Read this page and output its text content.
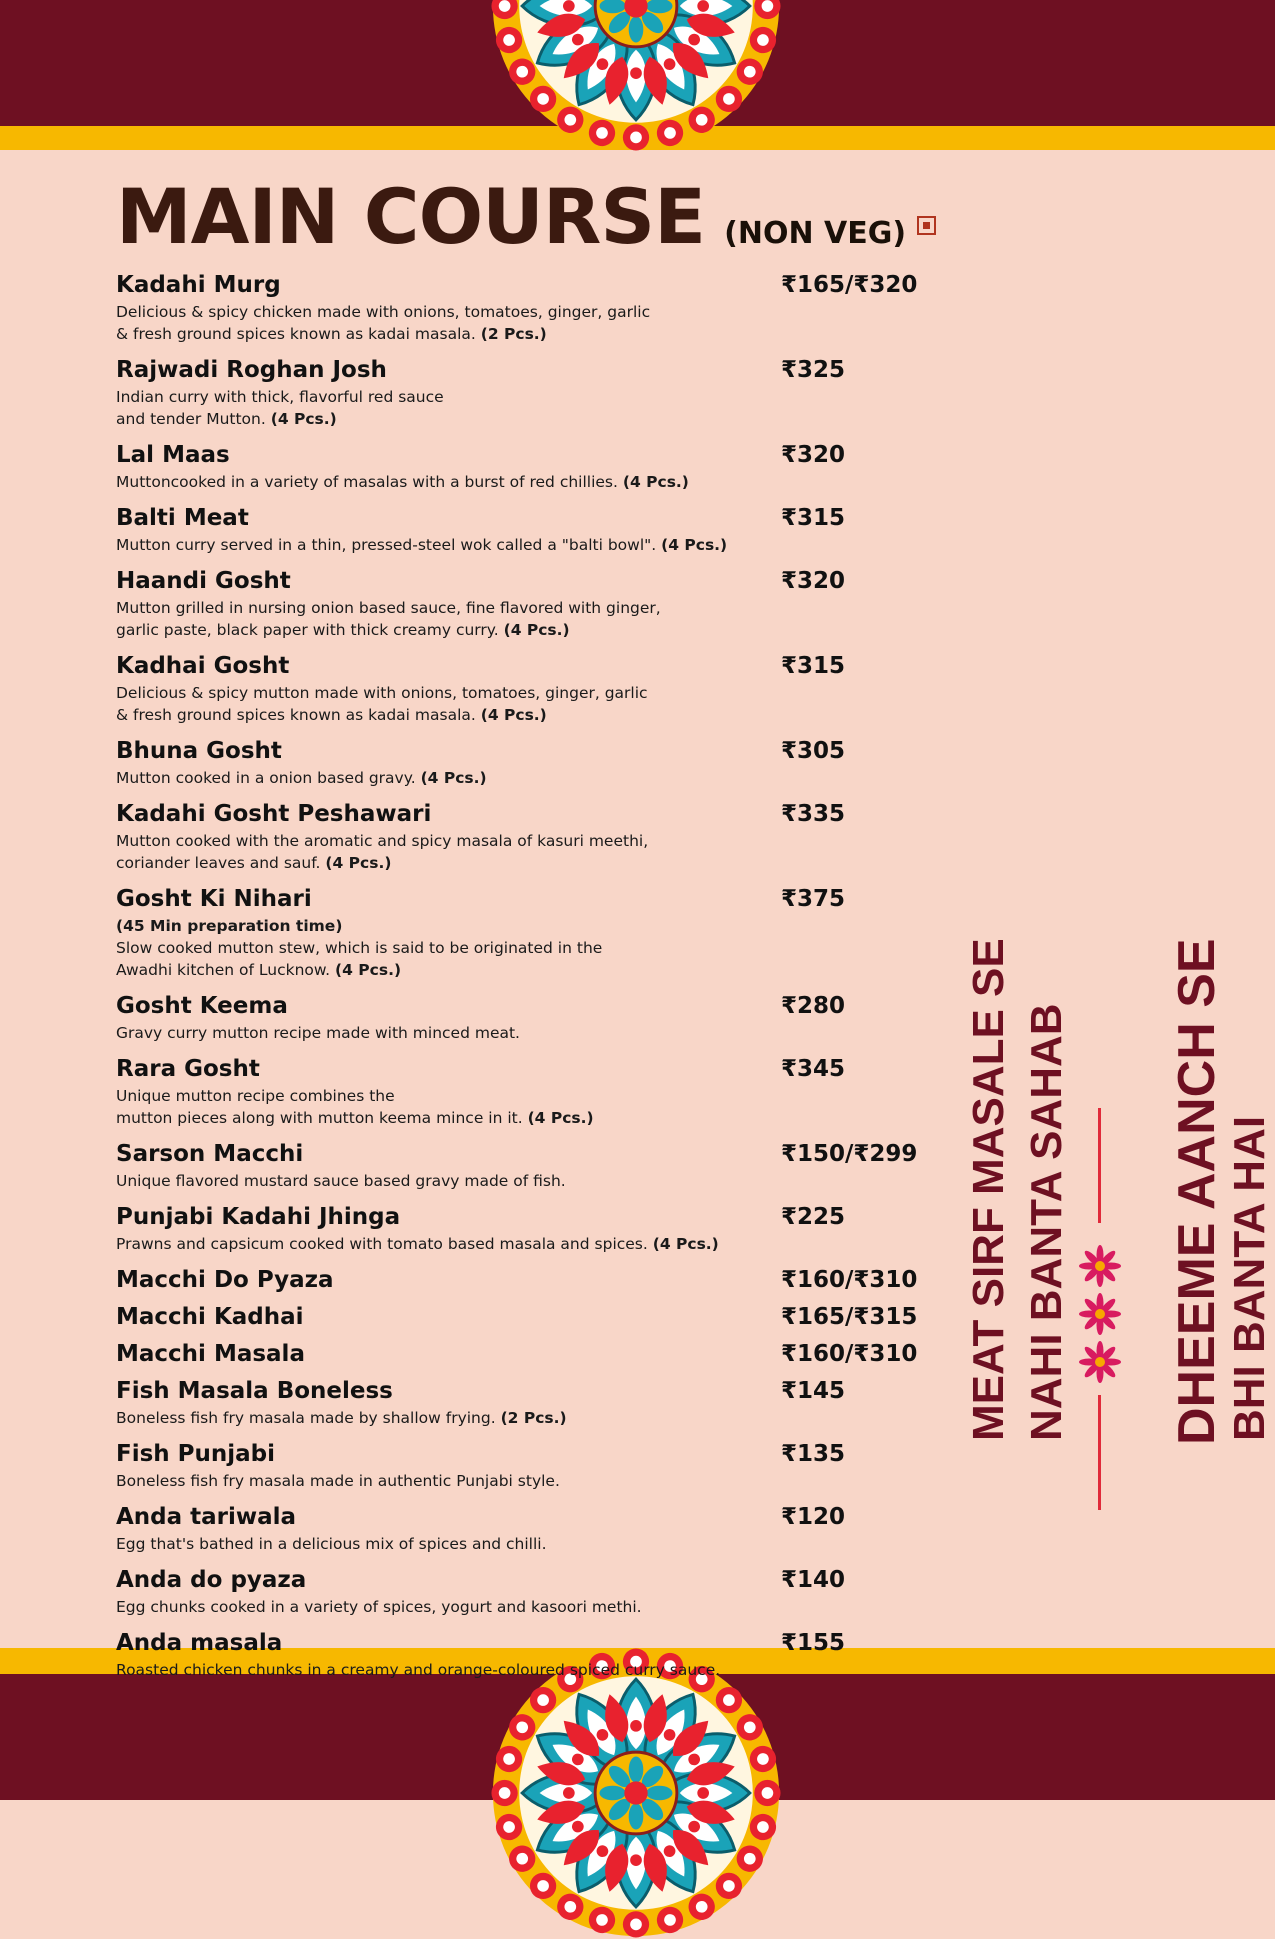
MAIN COURSE (NON VEG)
Kadahi Murg	₹165/₹320
Delicious & spicy chicken made with onions, tomatoes, ginger, garlic
& fresh ground spices known as kadai masala. (2 Pcs.)
Rajwadi Roghan Josh	₹325
Indian curry with thick, flavorful red sauce
and tender Mutton. (4 Pcs.)
Lal Maas	₹320
Muttoncooked in a variety of masalas with a burst of red chillies. (4 Pcs.)
Balti Meat	₹315
Mutton curry served in a thin, pressed-steel wok called a "balti bowl". (4 Pcs.)
Haandi Gosht	₹320
Mutton grilled in nursing onion based sauce, fine flavored with ginger,
garlic paste, black paper with thick creamy curry. (4 Pcs.)
Kadhai Gosht	₹315
Delicious & spicy mutton made with onions, tomatoes, ginger, garlic
& fresh ground spices known as kadai masala. (4 Pcs.)
Bhuna Gosht	₹305
Mutton cooked in a onion based gravy. (4 Pcs.)
Kadahi Gosht Peshawari	₹335
Mutton cooked with the aromatic and spicy masala of kasuri meethi,
coriander leaves and sauf. (4 Pcs.)
Gosht Ki Nihari	₹375
(45 Min preparation time)
Slow cooked mutton stew, which is said to be originated in the
Awadhi kitchen of Lucknow. (4 Pcs.)
Gosht Keema	₹280
Gravy curry mutton recipe made with minced meat.
Rara Gosht	₹345
Unique mutton recipe combines the
mutton pieces along with mutton keema mince in it. (4 Pcs.)
Sarson Macchi	₹150/₹299
Unique flavored mustard sauce based gravy made of fish.
Punjabi Kadahi Jhinga	₹225
Prawns and capsicum cooked with tomato based masala and spices. (4 Pcs.)
Macchi Do Pyaza	₹160/₹310
Macchi Kadhai	₹165/₹315
Macchi Masala	₹160/₹310
Fish Masala Boneless	₹145
Boneless fish fry masala made by shallow frying. (2 Pcs.)
Fish Punjabi	₹135
Boneless fish fry masala made in authentic Punjabi style.
Anda tariwala	₹120
Egg that's bathed in a delicious mix of spices and chilli.
Anda do pyaza	₹140
Egg chunks cooked in a variety of spices, yogurt and kasoori methi.
Anda masala	₹155
Roasted chicken chunks in a creamy and orange-coloured spiced curry sauce.
MEAT SIRF MASALE SE NAHI BANTA SAHAB DHEEME AANCH SE BHI BANTA HAI
